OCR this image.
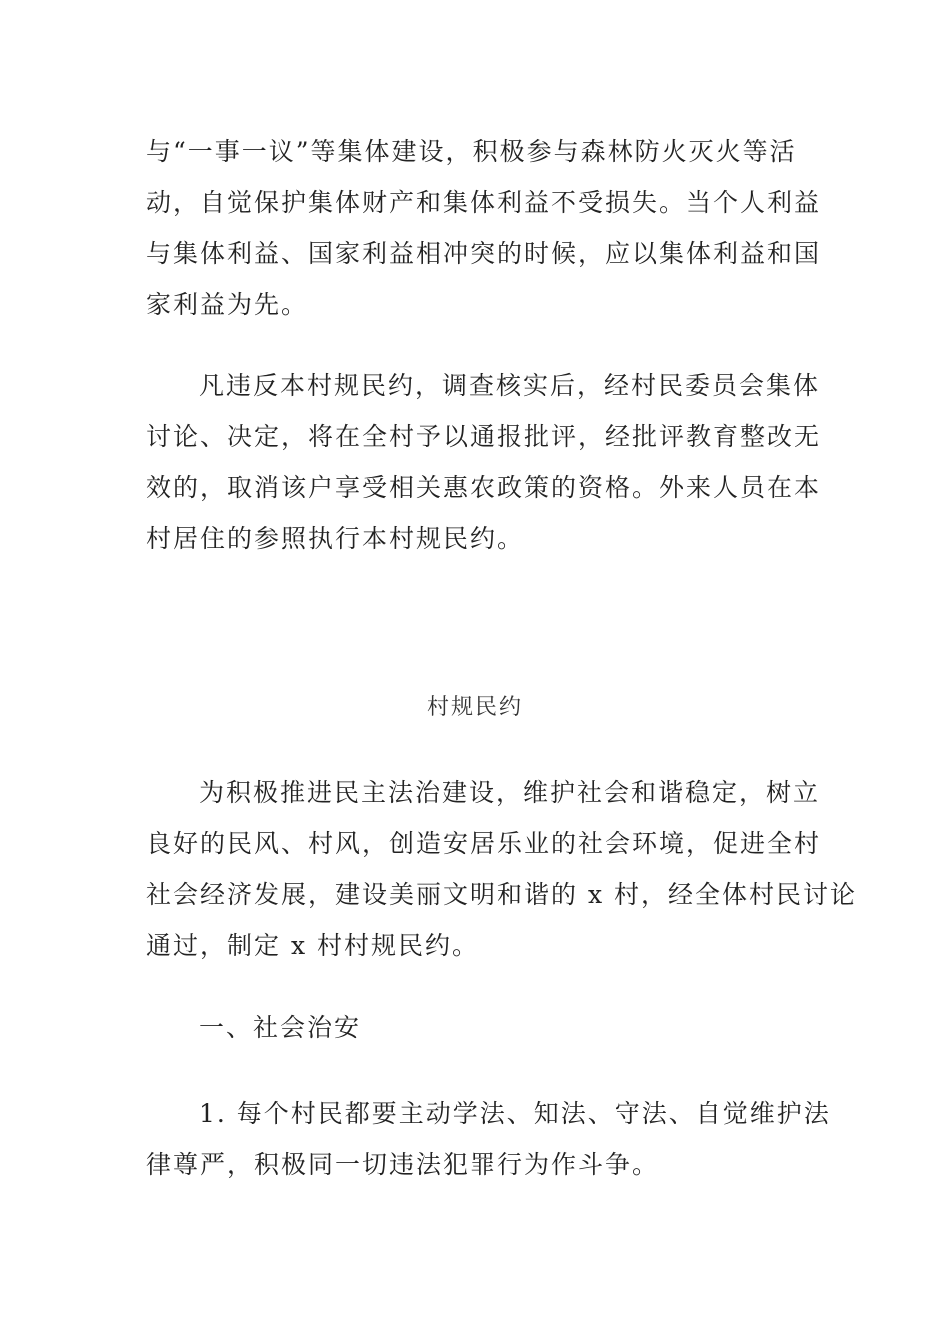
与“一事一议”等集体建设，积极参与森林防火灭火等活
动，自觉保护集体财产和集体利益不受损失。当个人利益
与集体利益、国家利益相冲突的时候，应以集体利益和国
家利益为先。
凡违反本村规民约，调查核实后，经村民委员会集体
讨论、决定，将在全村予以通报批评，经批评教育整改无
效的，取消该户享受相关惠农政策的资格。外来人员在本
村居住的参照执行本村规民约。
村规民约
为积极推进民主法治建设，维护社会和谐稳定，树立
良好的民风、村风，创造安居乐业的社会环境，促进全村
社会经济发展，建设美丽文明和谐的 x 村，经全体村民讨论
通过，制定 x 村村规民约。
一、社会治安
1. 每个村民都要主动学法、知法、守法、自觉维护法
律尊严，积极同一切违法犯罪行为作斗争。
